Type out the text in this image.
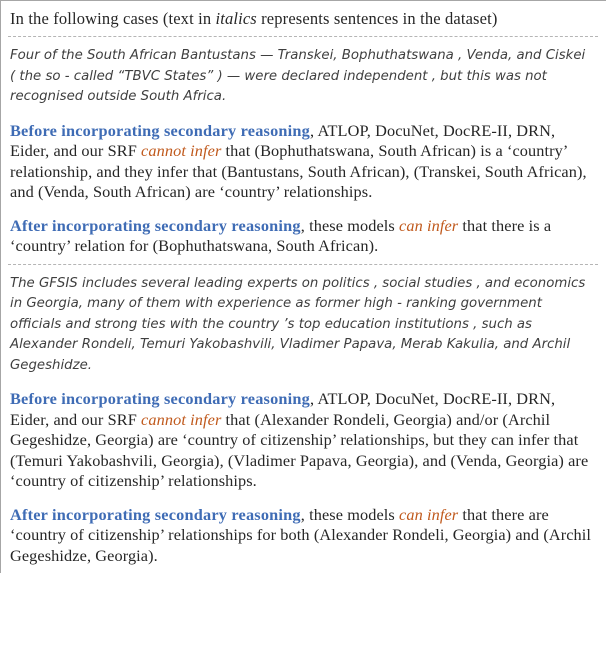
In the following cases (text in italics represents sentences in the dataset)

Four of the South African Bantustans — Transkei, Bophuthatswana , Venda, and Ciskei ( the so - called “TBVC States” ) — were declared independent , but this was not recognised outside South Africa.

Before incorporating secondary reasoning, ATLOP, DocuNet, DocRE-II, DRN, Eider, and our SRF cannot infer that (Bophuthatswana, South African) is a ‘country’ relationship, and they infer that (Bantustans, South African), (Transkei, South African), and (Venda, South African) are ‘country’ relationships.

After incorporating secondary reasoning, these models can infer that there is a ‘country’ relation for (Bophuthatswana, South African).

The GFSIS includes several leading experts on politics , social studies , and economics in Georgia, many of them with experience as former high - ranking government officials and strong ties with the country ’s top education institutions , such as Alexander Rondeli, Temuri Yakobashvili, Vladimer Papava, Merab Kakulia, and Archil Gegeshidze.

Before incorporating secondary reasoning, ATLOP, DocuNet, DocRE-II, DRN, Eider, and our SRF cannot infer that (Alexander Rondeli, Georgia) and/or (Archil Gegeshidze, Georgia) are ‘country of citizenship’ relationships, but they can infer that (Temuri Yakobashvili, Georgia), (Vladimer Papava, Georgia), and (Venda, Georgia) are ‘country of citizenship’ relationships.

After incorporating secondary reasoning, these models can infer that there are ‘country of citizenship’ relationships for both (Alexander Rondeli, Georgia) and (Archil Gegeshidze, Georgia).
